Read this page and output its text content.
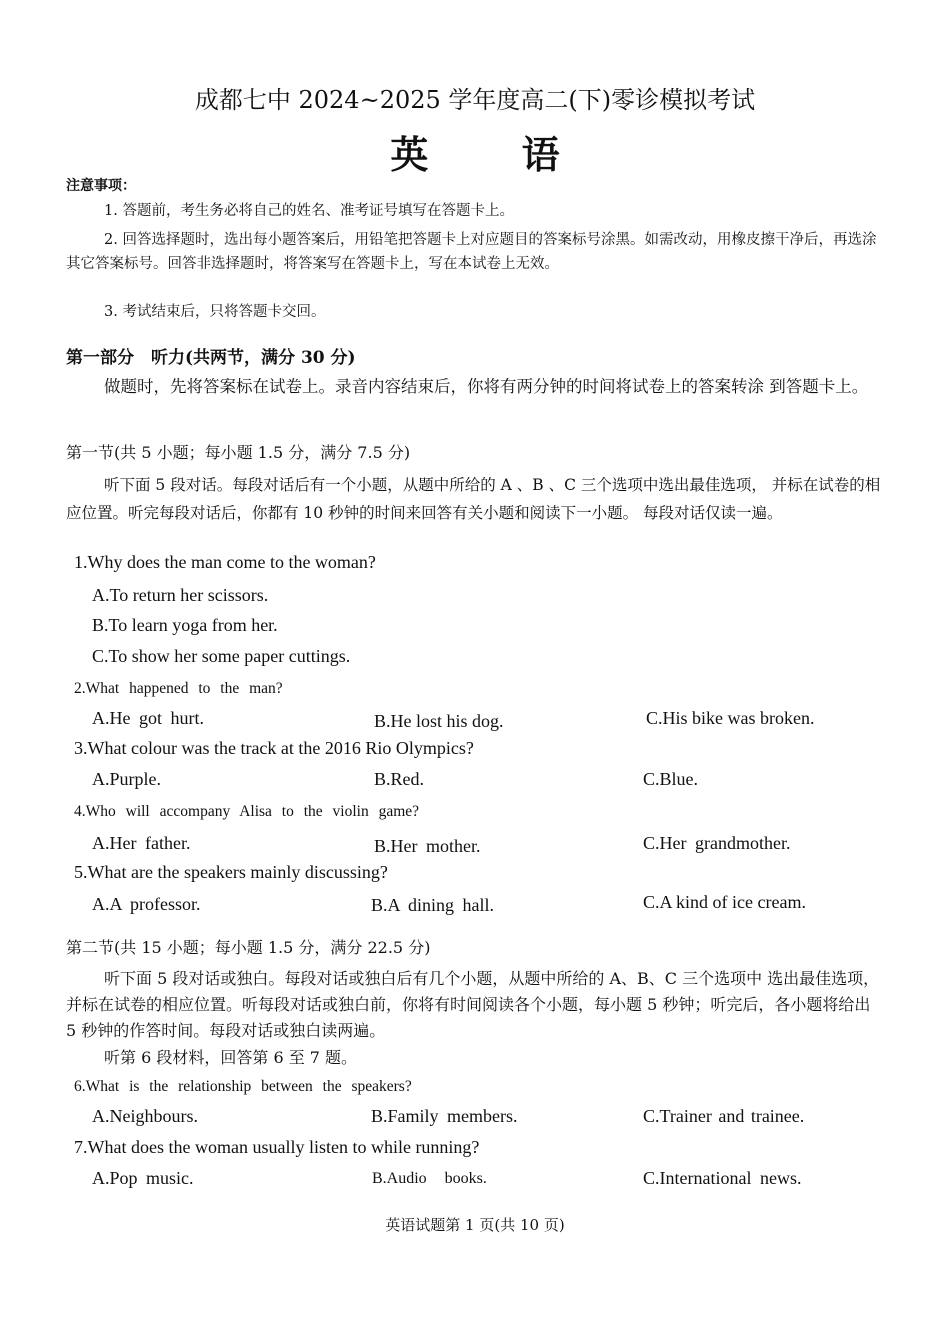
成都七中 2024~2025 学年度高二(下)零诊模拟考试
英 语
注意事项：
1. 答题前，考生务必将自己的姓名、准考证号填写在答题卡上。
2. 回答选择题时，选出每小题答案后，用铅笔把答题卡上对应题目的答案标号涂黑。如需改动，用橡皮擦干净后，再选涂其它答案标号。回答非选择题时，将答案写在答题卡上，写在本试卷上无效。
3. 考试结束后，只将答题卡交回。
第一部分　听力(共两节，满分 30 分)
做题时，先将答案标在试卷上。录音内容结束后，你将有两分钟的时间将试卷上的答案转涂 到答题卡上。
第一节(共 5 小题；每小题 1.5 分，满分 7.5 分)
听下面 5 段对话。每段对话后有一个小题，从题中所给的 A 、B 、C 三个选项中选出最佳选项， 并标在试卷的相应位置。听完每段对话后，你都有 10 秒钟的时间来回答有关小题和阅读下一小题。 每段对话仅读一遍。
1.Why does the man come to the woman?
A.To return her scissors.
B.To learn yoga from her.
C.To show her some paper cuttings.
2.What happened to the man?
A.He got hurt.	B.He lost his dog.	C.His bike was broken.
3.What colour was the track at the 2016 Rio Olympics?
A.Purple.	B.Red.	C.Blue.
4.Who will accompany Alisa to the violin game?
A.Her father.	B.Her mother.	C.Her grandmother.
5.What are the speakers mainly discussing?
A.A professor.	B.A dining hall.	C.A kind of ice cream.
第二节(共 15 小题；每小题 1.5 分，满分 22.5 分)
听下面 5 段对话或独白。每段对话或独白后有几个小题，从题中所给的 A、B、C 三个选项中 选出最佳选项，并标在试卷的相应位置。听每段对话或独白前，你将有时间阅读各个小题，每小题 5 秒钟；听完后，各小题将给出 5 秒钟的作答时间。每段对话或独白读两遍。
听第 6 段材料，回答第 6 至 7 题。
6.What is the relationship between the speakers?
A.Neighbours.	B.Family members.	C.Trainer and trainee.
7.What does the woman usually listen to while running?
A.Pop music.	B.Audio books.	C.International news.
英语试题第 1 页(共 10 页)
